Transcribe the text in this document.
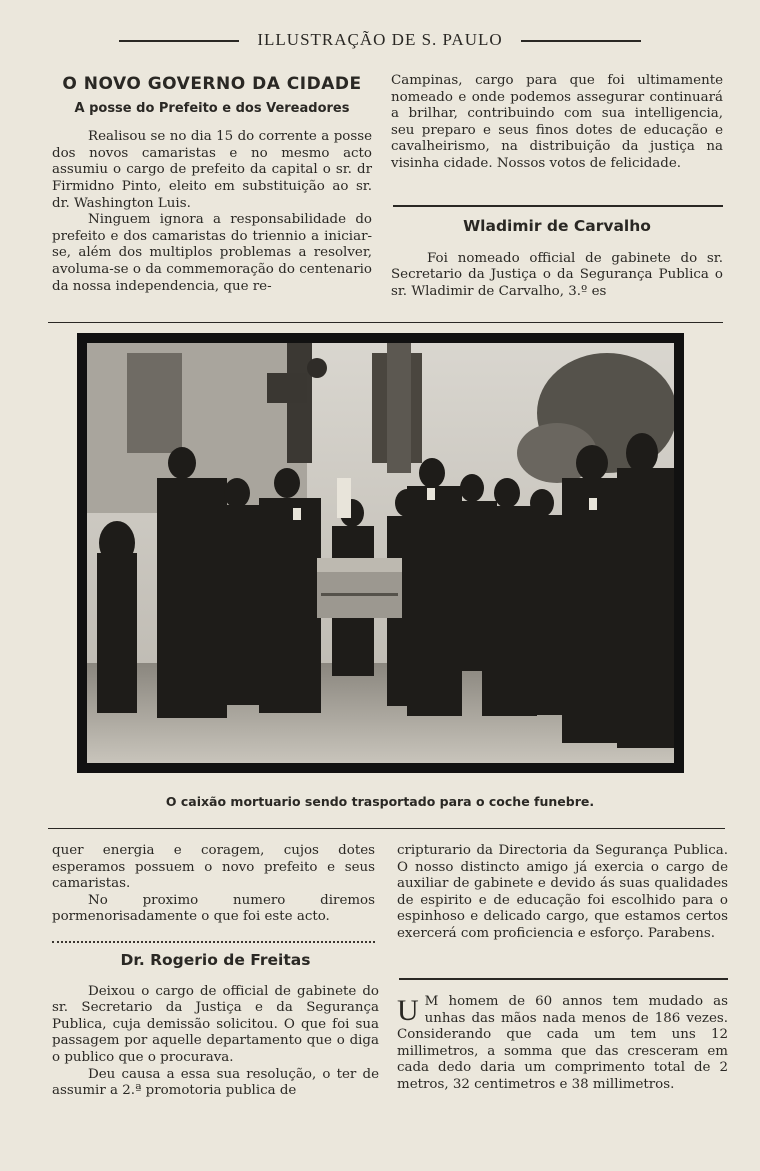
ILLUSTRAÇÃO DE S. PAULO
O NOVO GOVERNO DA CIDADE
A posse do Prefeito e dos Vereadores

Realisou se no dia 15 do corrente a posse dos novos camaristas e no mesmo acto assumiu o cargo de prefeito da capital o sr. dr Firmidno Pinto, eleito em substituição ao sr. dr. Washington Luis.

Ninguem ignora a responsabilidade do prefeito e dos camaristas do triennio a iniciar-se, além dos multiplos problemas a resolver, avoluma-se o da commemoração do centenario da nossa independencia, que re-

Campinas, cargo para que foi ultimamente nomeado e onde podemos assegurar continuará a brilhar, contribuindo com sua intelligencia, seu preparo e seus finos dotes de educação e cavalheirismo, na distribuição da justiça na visinha cidade. Nossos votos de felicidade.

Wladimir de Carvalho

Foi nomeado official de gabinete do sr. Secretario da Justiça o da Segurança Publica o sr. Wladimir de Carvalho, 3.º es

O caixão mortuario sendo trasportado para o coche funebre.

quer energia e coragem, cujos dotes esperamos possuem o novo prefeito e seus camaristas.

No proximo numero diremos pormenorisadamente o que foi este acto.

Dr. Rogerio de Freitas

Deixou o cargo de official de gabinete do sr. Secretario da Justiça e da Segurança Publica, cuja demissão solicitou. O que foi sua passagem por aquelle departamento que o diga o publico que o procurava.

Deu causa a essa sua resolução, o ter de assumir a 2.ª promotoria publica de

cripturario da Directoria da Segurança Publica. O nosso distincto amigo já exercia o cargo de auxiliar de gabinete e devido ás suas qualidades de espirito e de educação foi escolhido para o espinhoso e delicado cargo, que estamos certos exercerá com proficiencia e esforço. Parabens.

U M homem de 60 annos tem mudado as unhas das mãos nada menos de 186 vezes. Considerando que cada um tem uns 12 millimetros, a somma que das cresceram em cada dedo daria um comprimento total de 2 metros, 32 centimetros e 38 millimetros.
